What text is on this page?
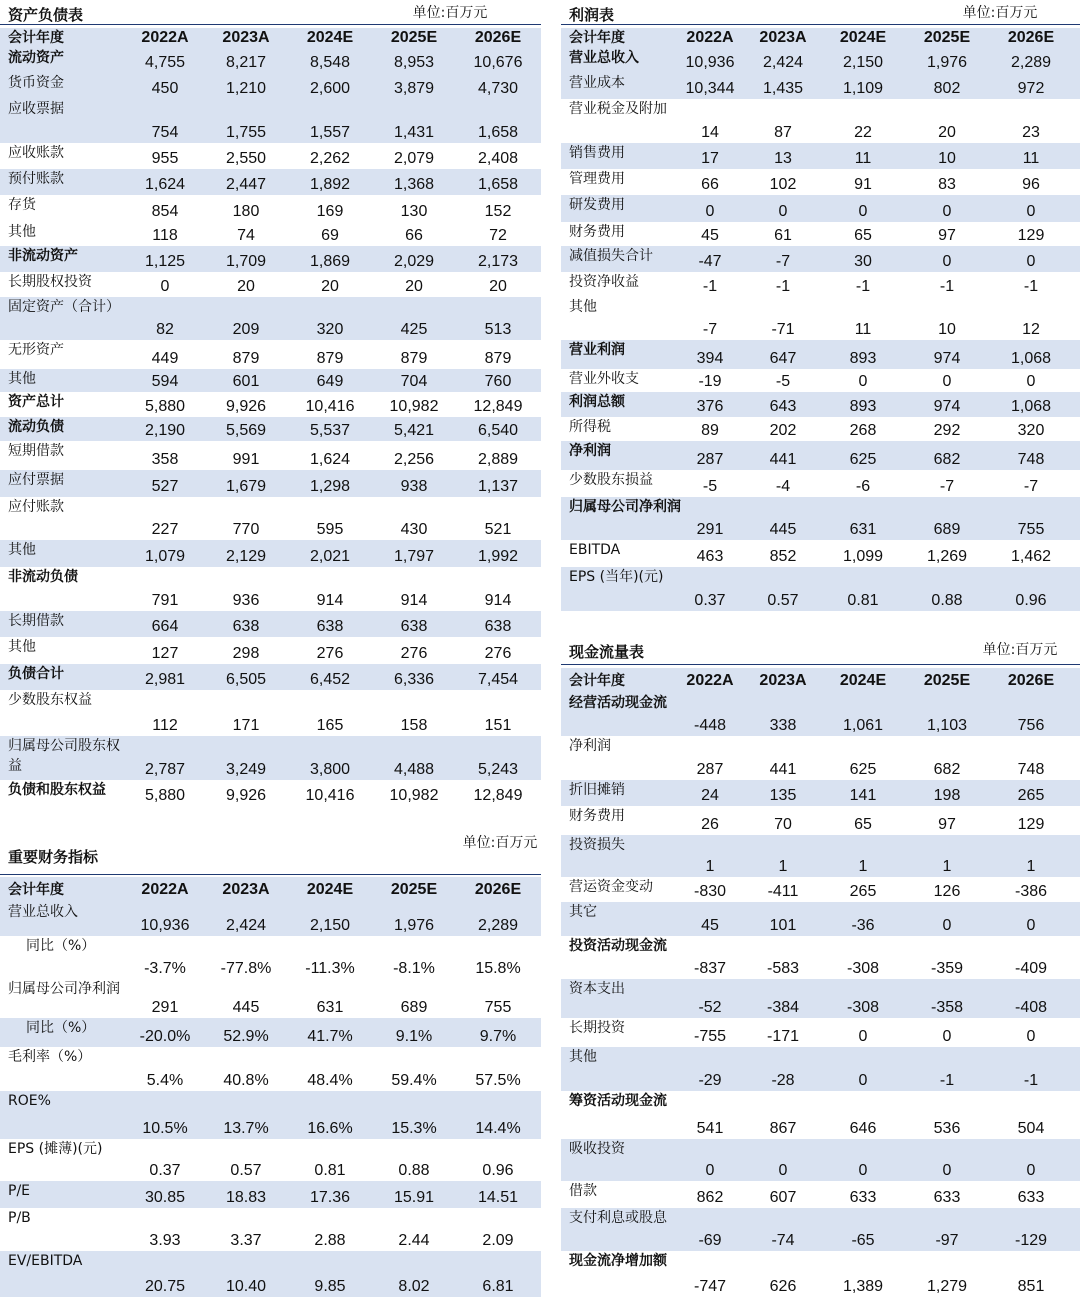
资产负债表	单位:百万元
会计年度	2022A	2023A	2024E	2025E	2026E
流动资产	4,755	8,217	8,548	8,953	10,676
货币资金	450	1,210	2,600	3,879	4,730
应收票据
754	1,755	1,557	1,431	1,658
应收账款	955	2,550	2,262	2,079	2,408
预付账款	1,624	2,447	1,892	1,368	1,658
存货	854	180	169	130	152
其他	118	74	69	66	72
非流动资产	1,125	1,709	1,869	2,029	2,173
长期股权投资	0	20	20	20	20
固定资产（合计）
82	209	320	425	513
无形资产	449	879	879	879	879
其他	594	601	649	704	760
资产总计	5,880	9,926	10,416	10,982	12,849
流动负债	2,190	5,569	5,537	5,421	6,540
短期借款	358	991	1,624	2,256	2,889
应付票据	527	1,679	1,298	938	1,137
应付账款
227	770	595	430	521
其他	1,079	2,129	2,021	1,797	1,992
非流动负债
791	936	914	914	914
长期借款	664	638	638	638	638
其他	127	298	276	276	276
负债合计	2,981	6,505	6,452	6,336	7,454
少数股东权益
112	171	165	158	151
归属母公司股东权益	2,787	3,249	3,800	4,488	5,243
负债和股东权益	5,880	9,926	10,416	10,982	12,849
重要财务指标
单位:百万元
会计年度	2022A	2023A	2024E	2025E	2026E
营业总收入
10,936	2,424	2,150	1,976	2,289
同比（%）
-3.7%	-77.8%	-11.3%	-8.1%	15.8%
归属母公司净利润
291	445	631	689	755
同比（%）	-20.0%	52.9%	41.7%	9.1%	9.7%
毛利率（%）
5.4%	40.8%	48.4%	59.4%	57.5%
ROE%
10.5%	13.7%	16.6%	15.3%	14.4%
EPS (摊薄)(元)
0.37	0.57	0.81	0.88	0.96
P/E	30.85	18.83	17.36	15.91	14.51
P/B
3.93	3.37	2.88	2.44	2.09
EV/EBITDA
20.75	10.40	9.85	8.02	6.81
利润表	单位:百万元
会计年度	2022A	2023A	2024E	2025E	2026E
营业总收入	10,936	2,424	2,150	1,976	2,289
营业成本	10,344	1,435	1,109	802	972
营业税金及附加
14	87	22	20	23
销售费用	17	13	11	10	11
管理费用	66	102	91	83	96
研发费用	0	0	0	0	0
财务费用	45	61	65	97	129
减值损失合计	-47	-7	30	0	0
投资净收益	-1	-1	-1	-1	-1
其他
-7	-71	11	10	12
营业利润	394	647	893	974	1,068
营业外收支	-19	-5	0	0	0
利润总额	376	643	893	974	1,068
所得税	89	202	268	292	320
净利润	287	441	625	682	748
少数股东损益	-5	-4	-6	-7	-7
归属母公司净利润
291	445	631	689	755
EBITDA	463	852	1,099	1,269	1,462
EPS (当年)(元)
0.37	0.57	0.81	0.88	0.96
现金流量表	单位:百万元
会计年度	2022A	2023A	2024E	2025E	2026E
经营活动现金流
-448	338	1,061	1,103	756
净利润
287	441	625	682	748
折旧摊销	24	135	141	198	265
财务费用	26	70	65	97	129
投资损失
1	1	1	1	1
营运资金变动	-830	-411	265	126	-386
其它
45	101	-36	0	0
投资活动现金流
-837	-583	-308	-359	-409
资本支出
-52	-384	-308	-358	-408
长期投资	-755	-171	0	0	0
其他
-29	-28	0	-1	-1
筹资活动现金流
541	867	646	536	504
吸收投资
0	0	0	0	0
借款	862	607	633	633	633
支付利息或股息
-69	-74	-65	-97	-129
现金流净增加额
-747	626	1,389	1,279	851
